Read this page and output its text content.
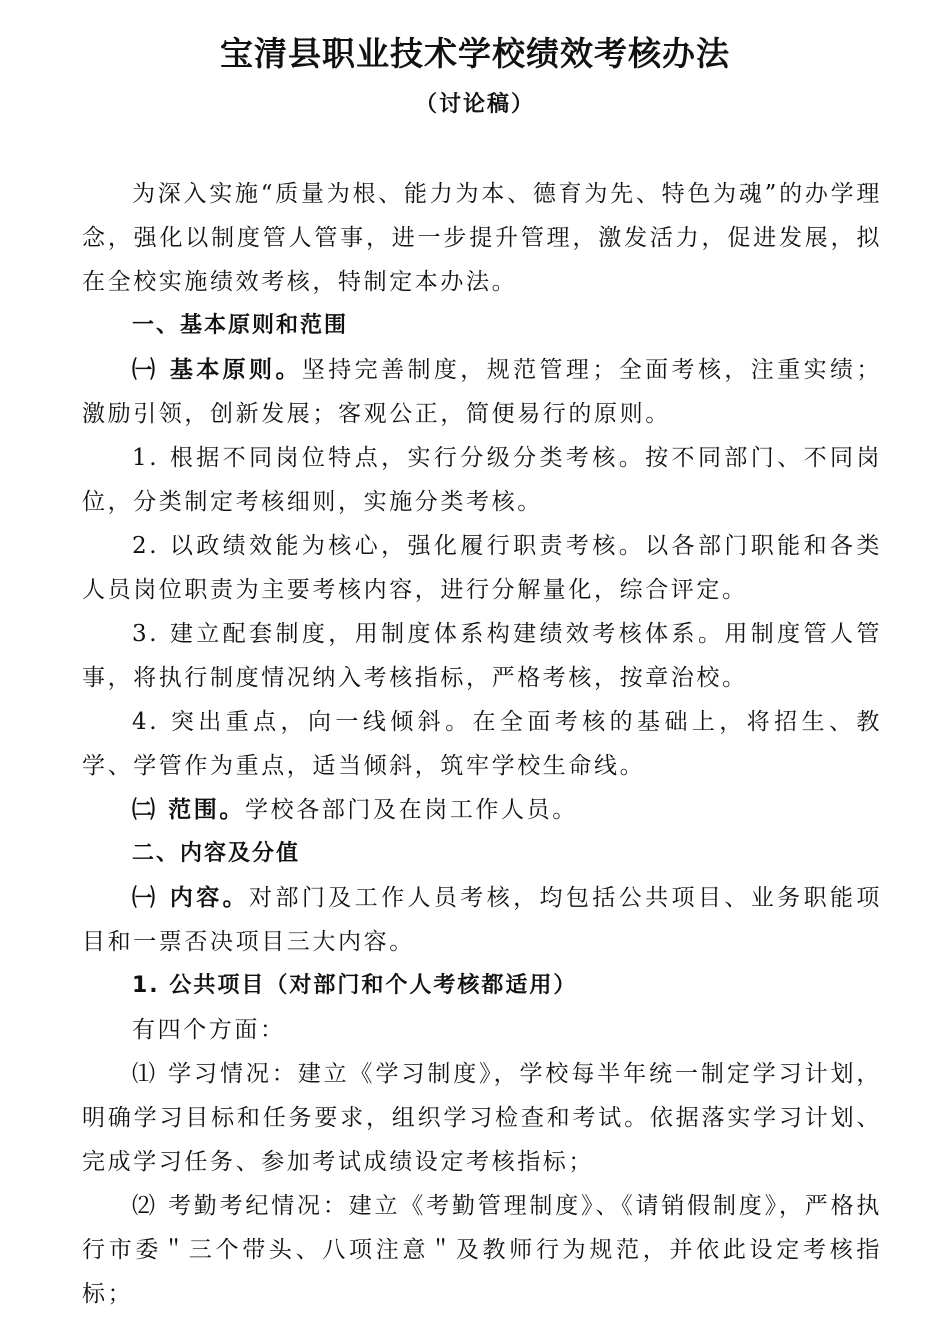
宝清县职业技术学校绩效考核办法
（讨论稿）

为深入实施“质量为根、能力为本、德育为先、特色为魂”的办学理念，强化以制度管人管事，进一步提升管理，激发活力，促进发展，拟在全校实施绩效考核，特制定本办法。

一、基本原则和范围

㈠ 基本原则。坚持完善制度，规范管理；全面考核，注重实绩；激励引领，创新发展；客观公正，简便易行的原则。

1. 根据不同岗位特点，实行分级分类考核。按不同部门、不同岗位，分类制定考核细则，实施分类考核。

2. 以政绩效能为核心，强化履行职责考核。以各部门职能和各类人员岗位职责为主要考核内容，进行分解量化，综合评定。

3. 建立配套制度，用制度体系构建绩效考核体系。用制度管人管事，将执行制度情况纳入考核指标，严格考核，按章治校。

4. 突出重点，向一线倾斜。在全面考核的基础上，将招生、教学、学管作为重点，适当倾斜，筑牢学校生命线。

㈡ 范围。学校各部门及在岗工作人员。

二、内容及分值

㈠ 内容。对部门及工作人员考核，均包括公共项目、业务职能项目和一票否决项目三大内容。

1. 公共项目（对部门和个人考核都适用）

有四个方面：

⑴ 学习情况：建立《学习制度》，学校每半年统一制定学习计划，明确学习目标和任务要求，组织学习检查和考试。依据落实学习计划、完成学习任务、参加考试成绩设定考核指标；

⑵ 考勤考纪情况：建立《考勤管理制度》、《请销假制度》，严格执行市委＂三个带头、八项注意＂及教师行为规范，并依此设定考核指标；
